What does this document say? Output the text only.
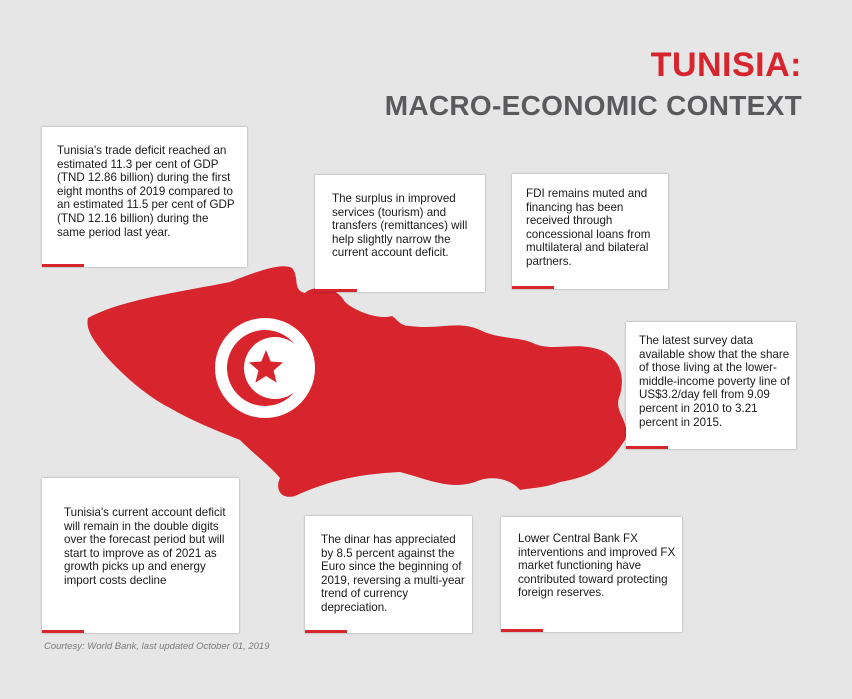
TUNISIA:
MACRO-ECONOMIC CONTEXT
Tunisia's trade deficit reached an estimated 11.3 per cent of GDP (TND 12.86 billion) during the first eight months of 2019 compared to an estimated 11.5 per cent of GDP (TND 12.16 billion) during the same period last year.
The surplus in improved services (tourism) and transfers (remittances) will help slightly narrow the current account deficit.
FDI remains muted and financing has been received through concessional loans from multilateral and bilateral partners.
The latest survey data available show that the share of those living at the lower-middle-income poverty line of US$3.2/day fell from 9.09 percent in 2010 to 3.21 percent in 2015.
Tunisia's current account deficit will remain in the double digits over the forecast period but will start to improve as of 2021 as growth picks up and energy import costs decline
The dinar has appreciated by 8.5 percent against the Euro since the beginning of 2019, reversing a multi-year trend of currency depreciation.
Lower Central Bank FX interventions and improved FX market functioning have contributed toward protecting foreign reserves.
Courtesy: World Bank, last updated October 01, 2019
